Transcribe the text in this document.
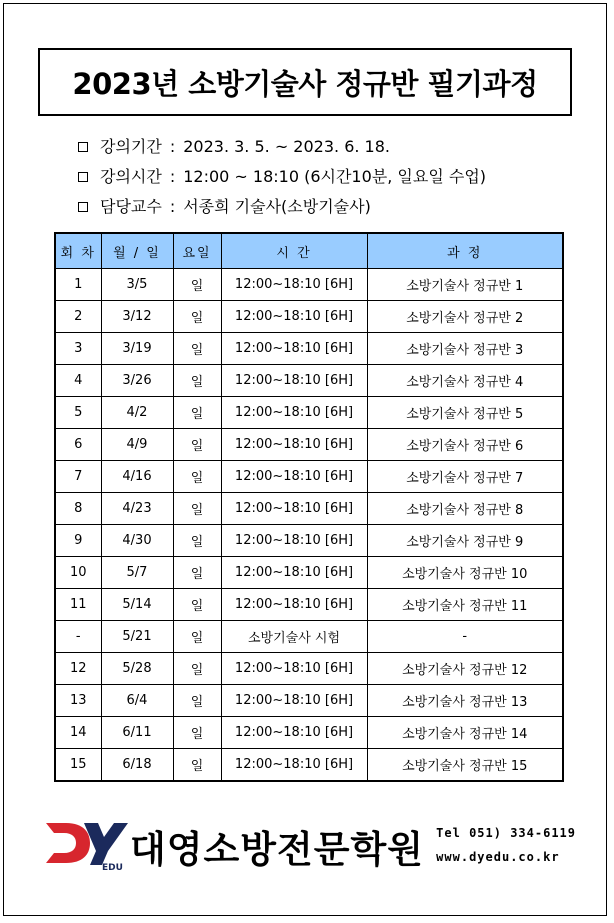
2023년 소방기술사 정규반 필기과정
강의기간 : 2023. 3. 5. ~ 2023. 6. 18.
강의시간 : 12:00 ~ 18:10 (6시간10분, 일요일 수업)
담당교수 : 서종희 기술사(소방기술사)
회 차	월 / 일	요일	시 간	과 정
1	3/5	일	12:00~18:10 [6H]	소방기술사 정규반 1
2	3/12	일	12:00~18:10 [6H]	소방기술사 정규반 2
3	3/19	일	12:00~18:10 [6H]	소방기술사 정규반 3
4	3/26	일	12:00~18:10 [6H]	소방기술사 정규반 4
5	4/2	일	12:00~18:10 [6H]	소방기술사 정규반 5
6	4/9	일	12:00~18:10 [6H]	소방기술사 정규반 6
7	4/16	일	12:00~18:10 [6H]	소방기술사 정규반 7
8	4/23	일	12:00~18:10 [6H]	소방기술사 정규반 8
9	4/30	일	12:00~18:10 [6H]	소방기술사 정규반 9
10	5/7	일	12:00~18:10 [6H]	소방기술사 정규반 10
11	5/14	일	12:00~18:10 [6H]	소방기술사 정규반 11
-	5/21	일	소방기술사 시험	-
12	5/28	일	12:00~18:10 [6H]	소방기술사 정규반 12
13	6/4	일	12:00~18:10 [6H]	소방기술사 정규반 13
14	6/11	일	12:00~18:10 [6H]	소방기술사 정규반 14
15	6/18	일	12:00~18:10 [6H]	소방기술사 정규반 15
EDU 대영소방전문학원 Tel 051) 334-6119
www.dyedu.co.kr
